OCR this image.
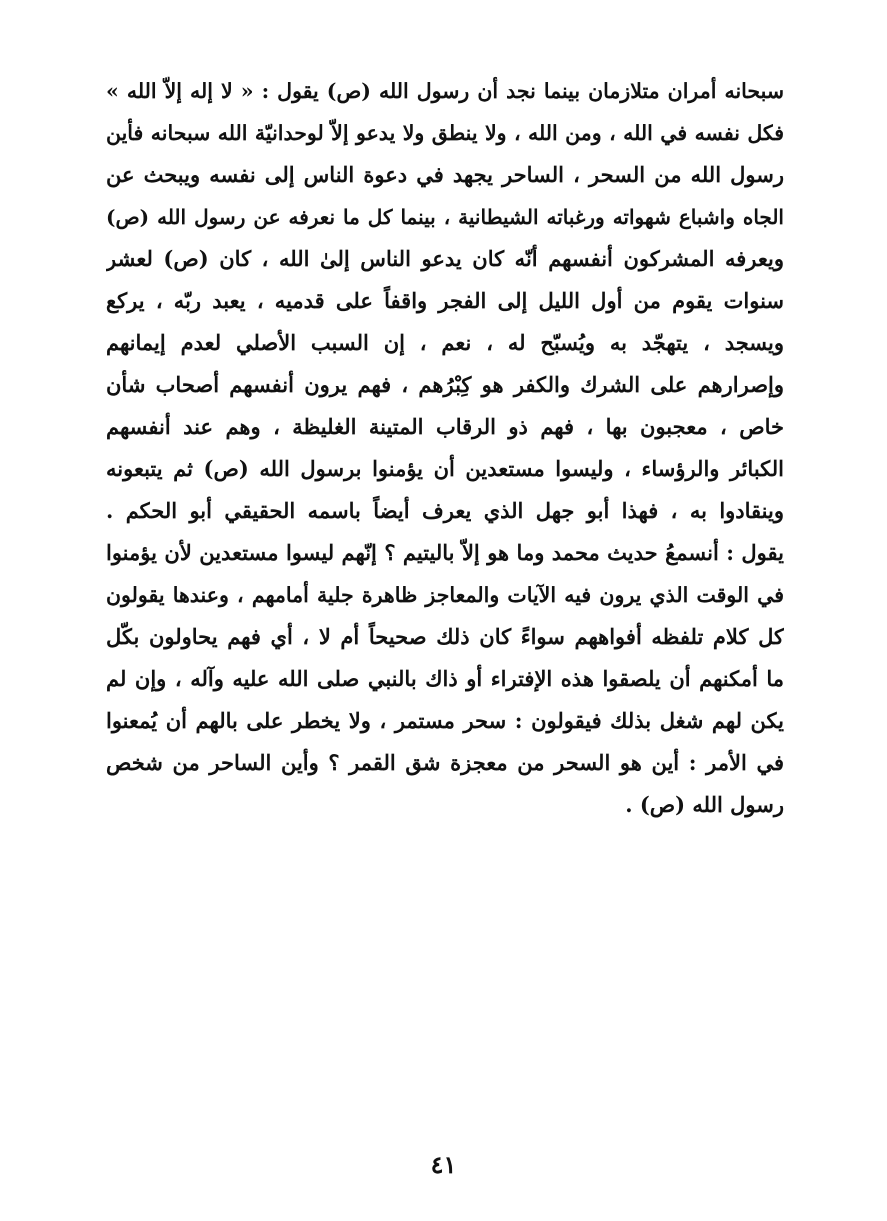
سبحانه أمران متلازمان بينما نجد أن رسول الله (ص) يقول : « لا إله إلاّ الله »
فكل نفسه في الله ، ومن الله ، ولا ينطق ولا يدعو إلاّ لوحدانيّة الله سبحانه فأين
رسول الله من السحر ، الساحر يجهد في دعوة الناس إلى نفسه ويبحث عن
الجاه واشباع شهواته ورغباته الشيطانية ، بينما كل ما نعرفه عن رسول الله (ص)
ويعرفه المشركون أنفسهم أنّه كان يدعو الناس إلىٰ الله ، كان (ص) لعشر
سنوات يقوم من أول الليل إلى الفجر واقفاً على قدميه ، يعبد ربّه ، يركع
ويسجد ، يتهجّد به ويُسبّح له ، نعم ، إن السبب الأصلي لعدم إيمانهم
وإصرارهم على الشرك والكفر هو كِبْرُهم ، فهم يرون أنفسهم أصحاب شأن
خاص ، معجبون بها ، فهم ذو الرقاب المتينة الغليظة ، وهم عند أنفسهم
الكبائر والرؤساء ، وليسوا مستعدين أن يؤمنوا برسول الله (ص) ثم يتبعونه
وينقادوا به ، فهذا أبو جهل الذي يعرف أيضاً باسمه الحقيقي أبو الحكم .
يقول : أنسمعُ حديث محمد وما هو إلاّ باليتيم ؟ إنّهم ليسوا مستعدين لأن يؤمنوا
في الوقت الذي يرون فيه الآيات والمعاجز ظاهرة جلية أمامهم ، وعندها يقولون
كل كلام تلفظه أفواههم سواءً كان ذلك صحيحاً أم لا ، أي فهم يحاولون بكّل
ما أمكنهم أن يلصقوا هذه الإفتراء أو ذاك بالنبي صلى الله عليه وآله ، وإن لم
يكن لهم شغل بذلك فيقولون : سحر مستمر ، ولا يخطر على بالهم أن يُمعنوا
في الأمر : أين هو السحر من معجزة شق القمر ؟ وأين الساحر من شخص
رسول الله (ص) .
٤١
